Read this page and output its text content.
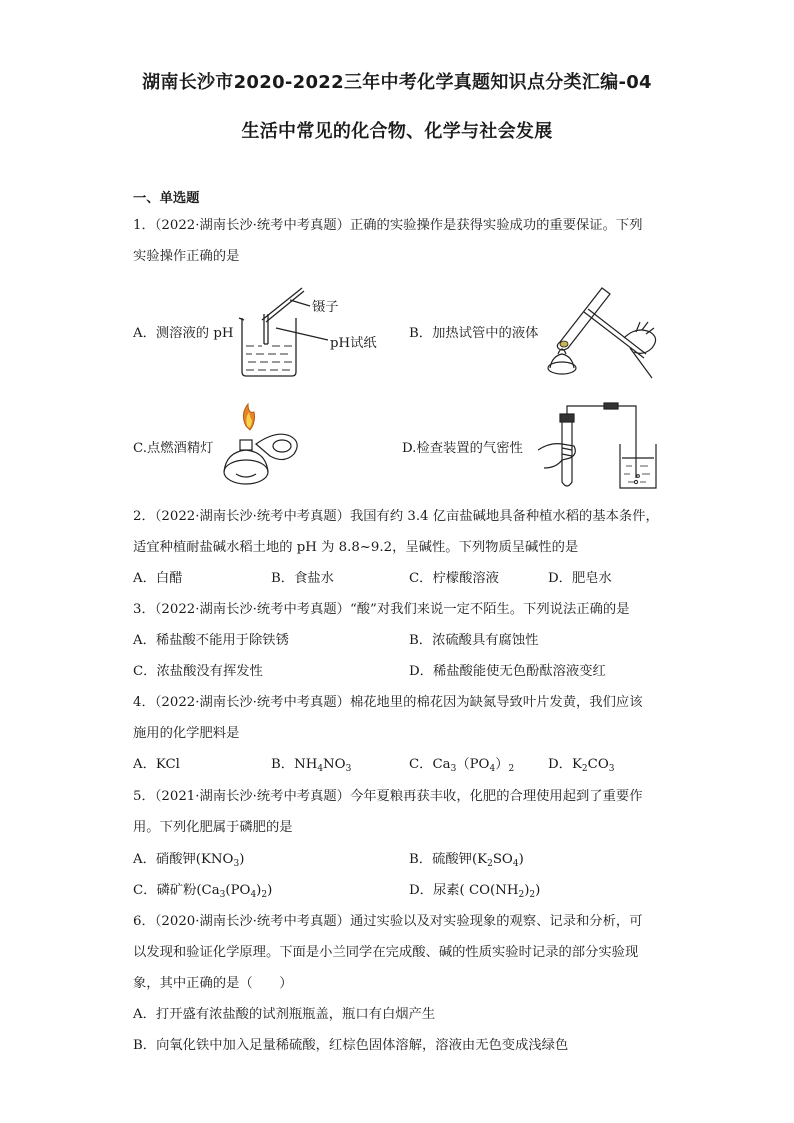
湖南长沙市2020-2022三年中考化学真题知识点分类汇编-04
生活中常见的化合物、化学与社会发展
一、单选题
1．（2022·湖南长沙·统考中考真题）正确的实验操作是获得实验成功的重要保证。下列
实验操作正确的是
A．测溶液的 pH
镊子
pH试纸
B．加热试管中的液体
C.点燃酒精灯	D.检查装置的气密性
2．（2022·湖南长沙·统考中考真题）我国有约 3.4 亿亩盐碱地具备种植水稻的基本条件，
适宜种植耐盐碱水稻土地的 pH 为 8.8~9.2，呈碱性。下列物质呈碱性的是
A．白醋	B．食盐水	C．柠檬酸溶液	D．肥皂水
3．（2022·湖南长沙·统考中考真题）“酸”对我们来说一定不陌生。下列说法正确的是
A．稀盐酸不能用于除铁锈	B．浓硫酸具有腐蚀性
C．浓盐酸没有挥发性	D．稀盐酸能使无色酚酞溶液变红
4．（2022·湖南长沙·统考中考真题）棉花地里的棉花因为缺氮导致叶片发黄，我们应该
施用的化学肥料是
A．KCl	B．$NH_4NO_3$	C．$Ca_3(PO_4)_2$	D．$K_2CO_3$
5．（2021·湖南长沙·统考中考真题）今年夏粮再获丰收，化肥的合理使用起到了重要作
用。下列化肥属于磷肥的是
A．硝酸钾$(KNO_3)$	B．硫酸钾$(K_2SO_4)$
C．磷矿粉$(Ca_3(PO_4)_2)$	D．尿素( $CO(NH_2)_2$)
6．（2020·湖南长沙·统考中考真题）通过实验以及对实验现象的观察、记录和分析，可
以发现和验证化学原理。下面是小兰同学在完成酸、碱的性质实验时记录的部分实验现
象，其中正确的是（　　）
A．打开盛有浓盐酸的试剂瓶瓶盖，瓶口有白烟产生
B．向氧化铁中加入足量稀硫酸，红棕色固体溶解，溶液由无色变成浅绿色
